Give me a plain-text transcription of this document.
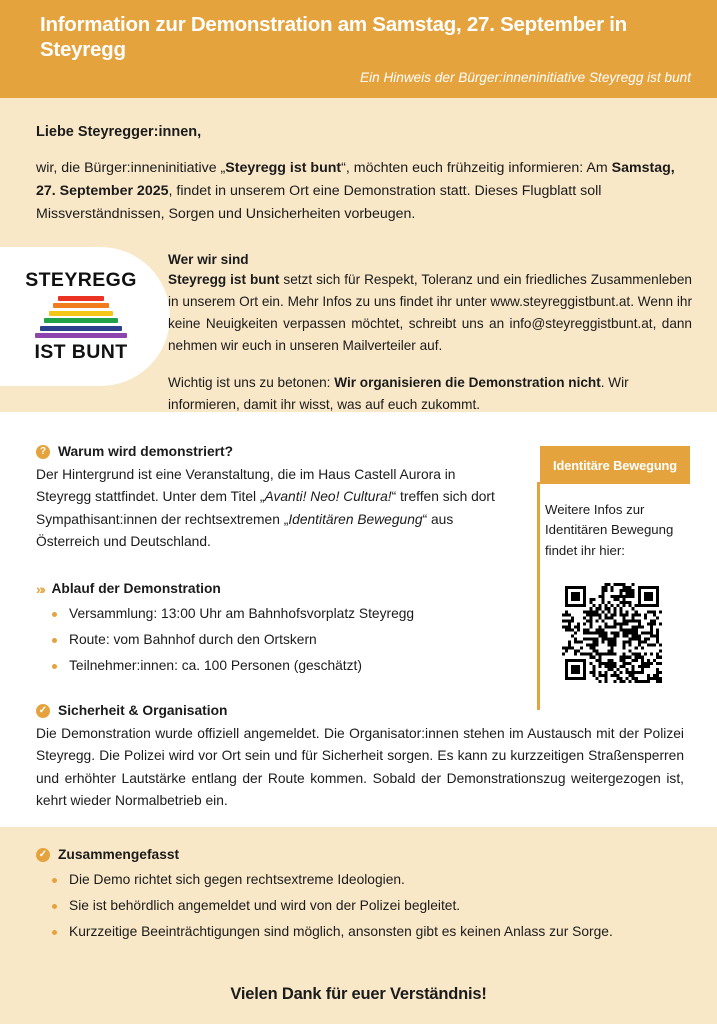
Information zur Demonstration am Samstag, 27. September in Steyregg
Ein Hinweis der Bürger:inneninitiative Steyregg ist bunt
Liebe Steyregger:innen,
wir, die Bürger:inneninitiative „Steyregg ist bunt“, möchten euch frühzeitig informieren: Am Samstag, 27. September 2025, findet in unserem Ort eine Demonstration statt. Dieses Flugblatt soll Missverständnissen, Sorgen und Unsicherheiten vorbeugen.
STEYREGG
IST BUNT
Wer wir sind

Steyregg ist bunt setzt sich für Respekt, Toleranz und ein friedliches Zusammenleben in unserem Ort ein. Mehr Infos zu uns findet ihr unter www.steyreggistbunt.at. Wenn ihr keine Neuigkeiten verpassen möchtet, schreibt uns an info@steyreggistbunt.at, dann nehmen wir euch in unseren Mailverteiler auf.

Wichtig ist uns zu betonen: Wir organisieren die Demonstration nicht. Wir informieren, damit ihr wisst, was auf euch zukommt.

? Warum wird demonstriert?
Der Hintergrund ist eine Veranstaltung, die im Haus Castell Aurora in Steyregg stattfindet. Unter dem Titel „Avanti! Neo! Cultura!“ treffen sich dort Sympathisant:innen der rechtsextremen „Identitären Bewegung“ aus Österreich und Deutschland.
»› Ablauf der Demonstration
Versammlung: 13:00 Uhr am Bahnhofsvorplatz Steyregg
Route: vom Bahnhof durch den Ortskern
Teilnehmer:innen: ca. 100 Personen (geschätzt)
✓ Sicherheit & Organisation
Die Demonstration wurde offiziell angemeldet. Die Organisator:innen stehen im Austausch mit der Polizei Steyregg. Die Polizei wird vor Ort sein und für Sicherheit sorgen. Es kann zu kurzzeitigen Straßensperren und erhöhter Lautstärke entlang der Route kommen. Sobald der Demonstrationszug weitergezogen ist, kehrt wieder Normalbetrieb ein.
✓ Zusammengefasst
Die Demo richtet sich gegen rechtsextreme Ideologien.
Sie ist behördlich angemeldet und wird von der Polizei begleitet.
Kurzzeitige Beeinträchtigungen sind möglich, ansonsten gibt es keinen Anlass zur Sorge.
Identitäre Bewegung
Weitere Infos zur Identitären Bewegung findet ihr hier:
Vielen Dank für euer Verständnis!
